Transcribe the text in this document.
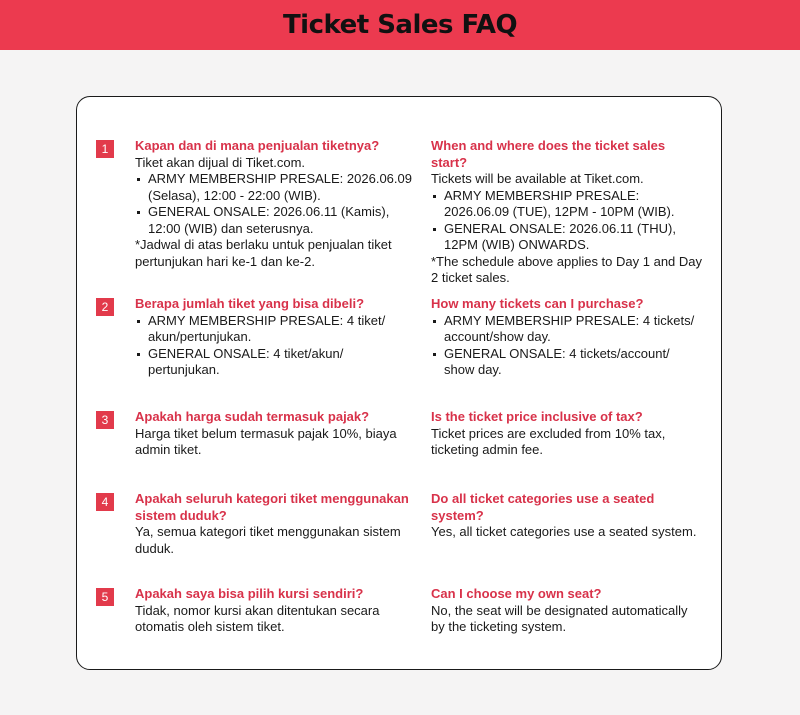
Ticket Sales FAQ
1	Kapan dan di mana penjualan tiketnya?
Tiket akan dijual di Tiket.com.
ARMY MEMBERSHIP PRESALE: 2026.06.09 (Selasa), 12:00 - 22:00 (WIB).
GENERAL ONSALE: 2026.06.11 (Kamis), 12:00 (WIB) dan seterusnya.
*Jadwal di atas berlaku untuk penjualan tiket pertunjukan hari ke-1 dan ke-2.
When and where does the ticket sales start?
Tickets will be available at Tiket.com.
ARMY MEMBERSHIP PRESALE: 2026.06.09 (TUE), 12PM - 10PM (WIB).
GENERAL ONSALE: 2026.06.11 (THU), 12PM (WIB) ONWARDS.
*The schedule above applies to Day 1 and Day 2 ticket sales.
2	Berapa jumlah tiket yang bisa dibeli?
ARMY MEMBERSHIP PRESALE: 4 tiket/ akun/pertunjukan.
GENERAL ONSALE: 4 tiket/akun/ pertunjukan.
How many tickets can I purchase?
ARMY MEMBERSHIP PRESALE: 4 tickets/ account/show day.
GENERAL ONSALE: 4 tickets/account/ show day.
3	Apakah harga sudah termasuk pajak?
Harga tiket belum termasuk pajak 10%, biaya admin tiket.
Is the ticket price inclusive of tax?
Ticket prices are excluded from 10% tax, ticketing admin fee.
4	Apakah seluruh kategori tiket menggunakan sistem duduk?
Ya, semua kategori tiket menggunakan sistem duduk.
Do all ticket categories use a seated system?
Yes, all ticket categories use a seated system.
5	Apakah saya bisa pilih kursi sendiri?
Tidak, nomor kursi akan ditentukan secara otomatis oleh sistem tiket.
Can I choose my own seat?
No, the seat will be designated automatically by the ticketing system.
